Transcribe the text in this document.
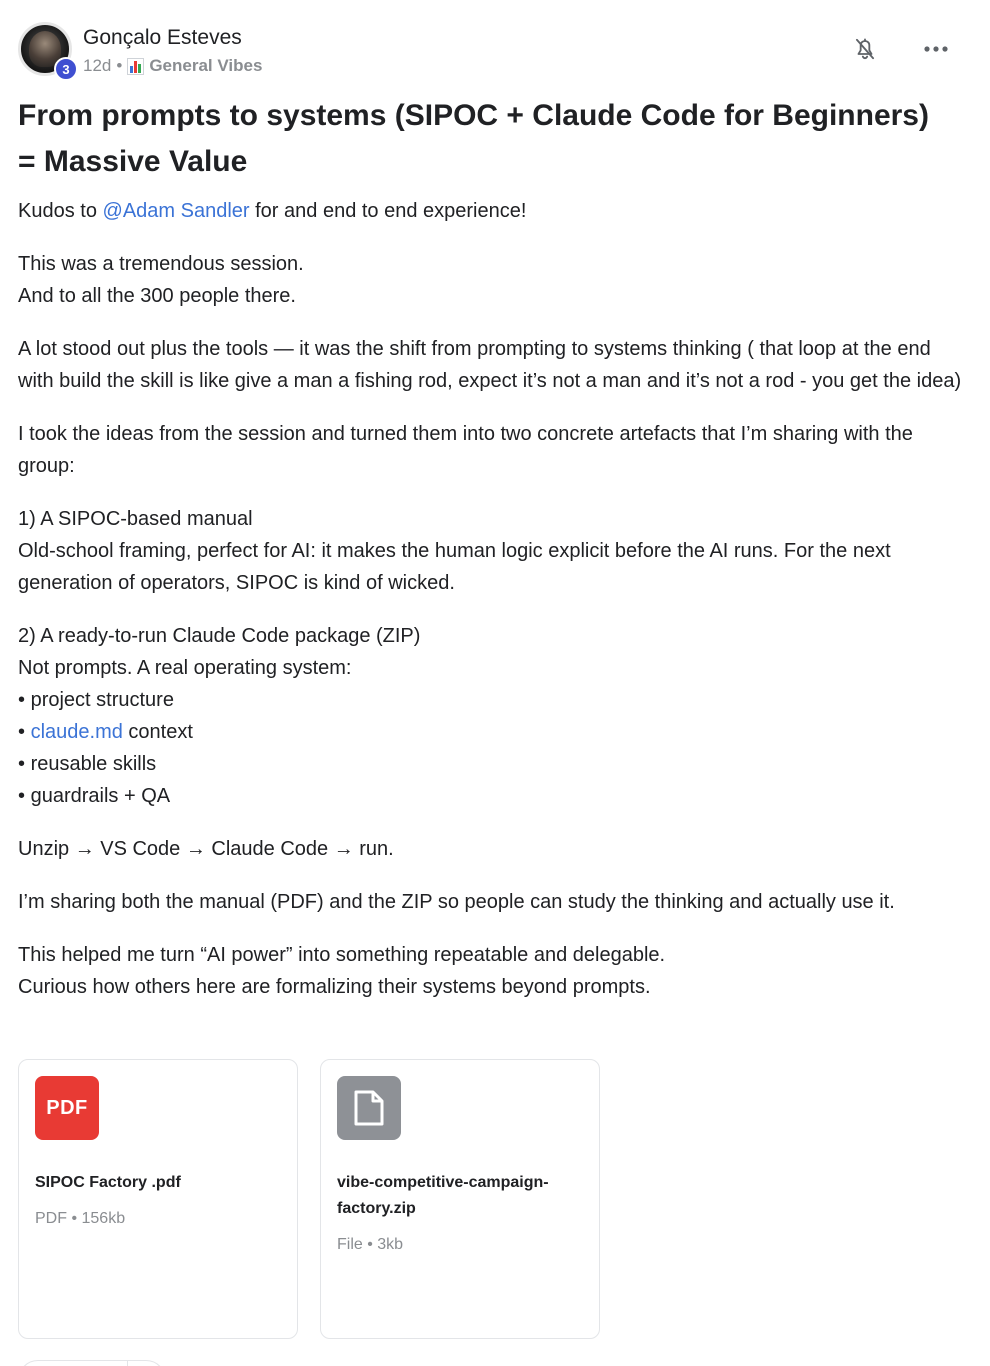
3
Gonçalo Esteves
12d • General Vibes
From prompts to systems (SIPOC + Claude Code for Beginners) = Massive Value

Kudos to @Adam Sandler for and end to end experience!

This was a tremendous session.
And to all the 300 people there.

A lot stood out plus the tools — it was the shift from prompting to systems thinking ( that loop at the end with build the skill is like give a man a fishing rod, expect it’s not a man and it’s not a rod - you get the idea)

I took the ideas from the session and turned them into two concrete artefacts that I’m sharing with the group:

1) A SIPOC-based manual
Old-school framing, perfect for AI: it makes the human logic explicit before the AI runs. For the next generation of operators, SIPOC is kind of wicked.

2) A ready-to-run Claude Code package (ZIP)
Not prompts. A real operating system:
• project structure
• claude.md context
• reusable skills
• guardrails + QA

Unzip → VS Code → Claude Code → run.

I’m sharing both the manual (PDF) and the ZIP so people can study the thinking and actually use it.

This helped me turn “AI power” into something repeatable and delegable.
Curious how others here are formalizing their systems beyond prompts.

PDF
SIPOC Factory .pdf
PDF • 156kb
vibe-competitive-campaign-factory.zip
File • 3kb
